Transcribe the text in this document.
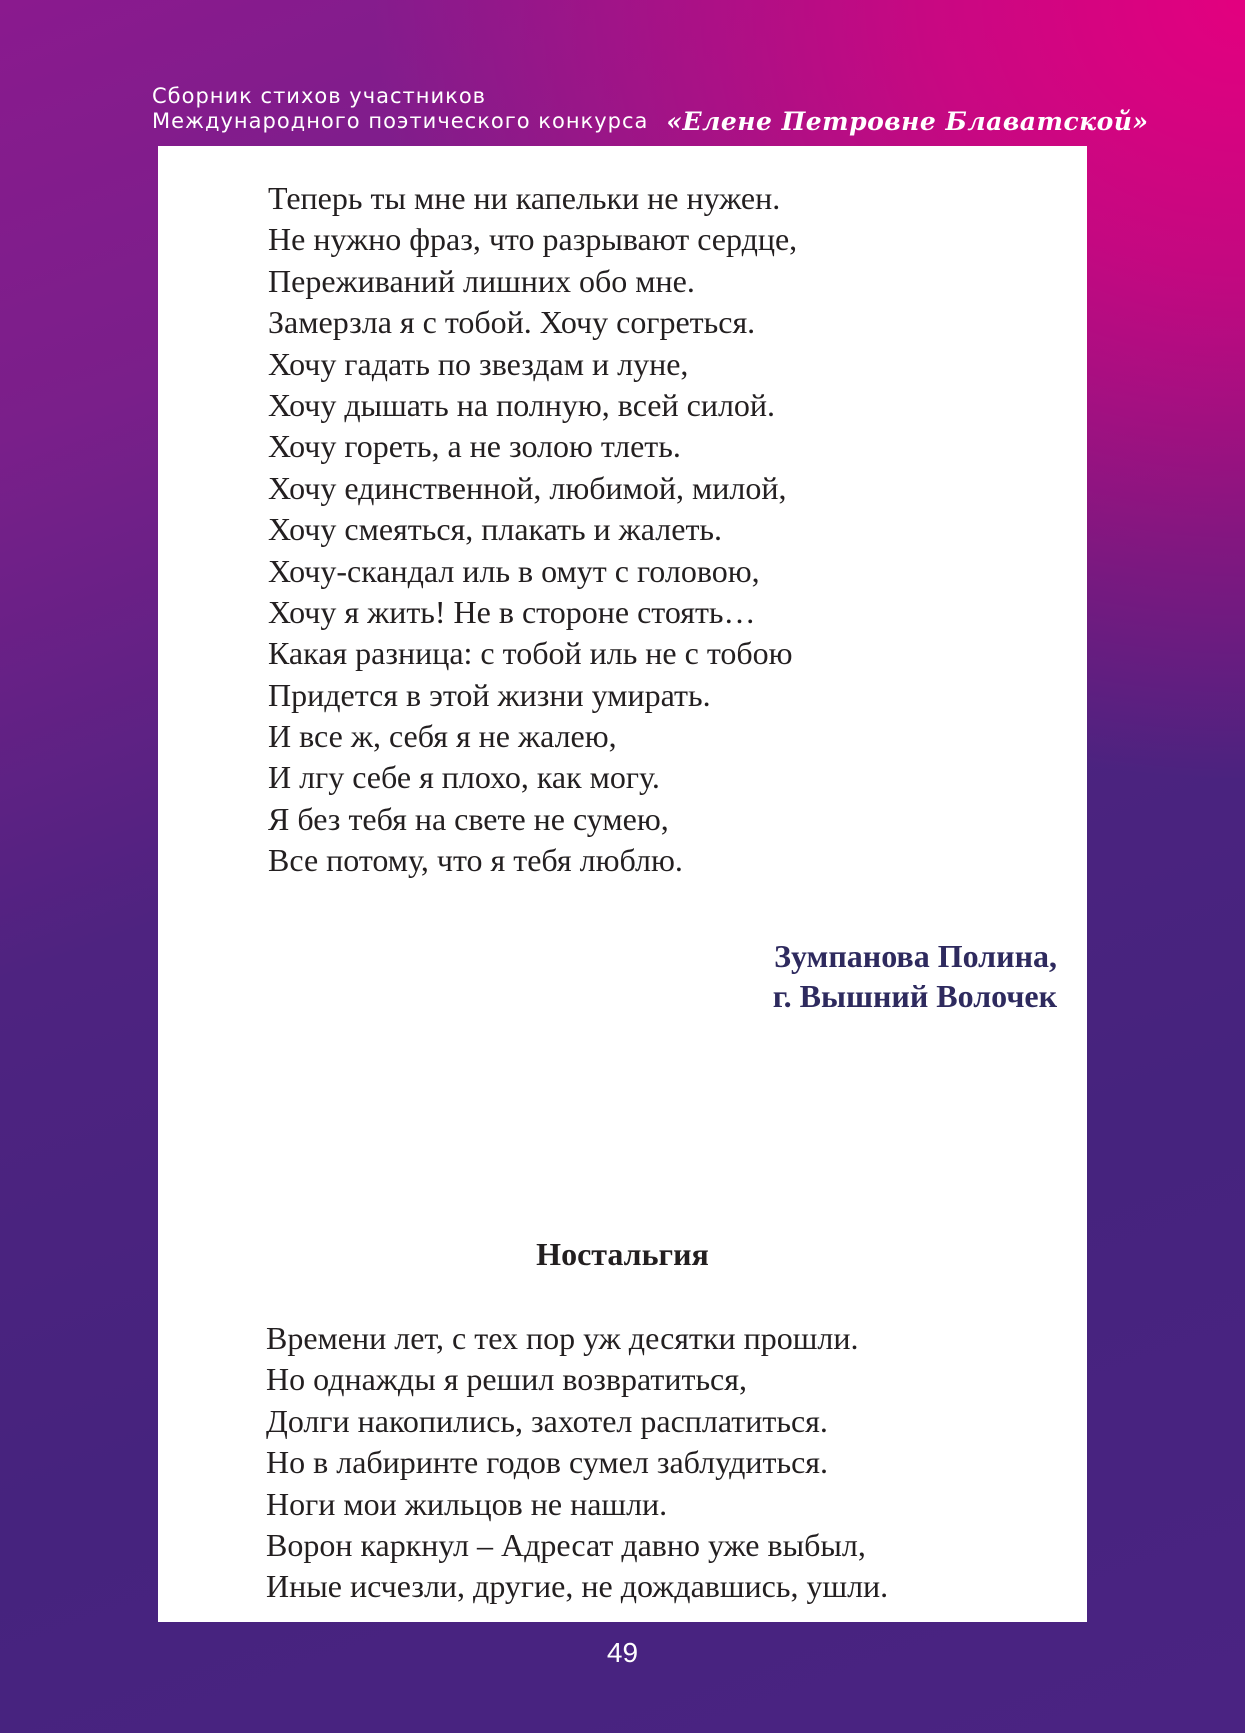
Сборник стихов участников
Международного поэтического конкурса «Елене Петровне Блаватской»
Теперь ты мне ни капельки не нужен.
Не нужно фраз, что разрывают сердце,
Переживаний лишних обо мне.
Замерзла я с тобой. Хочу согреться.
Хочу гадать по звездам и луне,
Хочу дышать на полную, всей силой.
Хочу гореть, а не золою тлеть.
Хочу единственной, любимой, милой,
Хочу смеяться, плакать и жалеть.
Хочу-скандал иль в омут с головою,
Хочу я жить! Не в стороне стоять…
Какая разница: с тобой иль не с тобою
Придется в этой жизни умирать.
И все ж, себя я не жалею,
И лгу себе я плохо, как могу.
Я без тебя на свете не сумею,
Все потому, что я тебя люблю.
Зумпанова Полина,
г. Вышний Волочек
Ностальгия
Времени лет, с тех пор уж десятки прошли.
Но однажды я решил возвратиться,
Долги накопились, захотел расплатиться.
Но в лабиринте годов сумел заблудиться.
Ноги мои жильцов не нашли.
Ворон каркнул – Адресат давно уже выбыл,
Иные исчезли, другие, не дождавшись, ушли.
49
